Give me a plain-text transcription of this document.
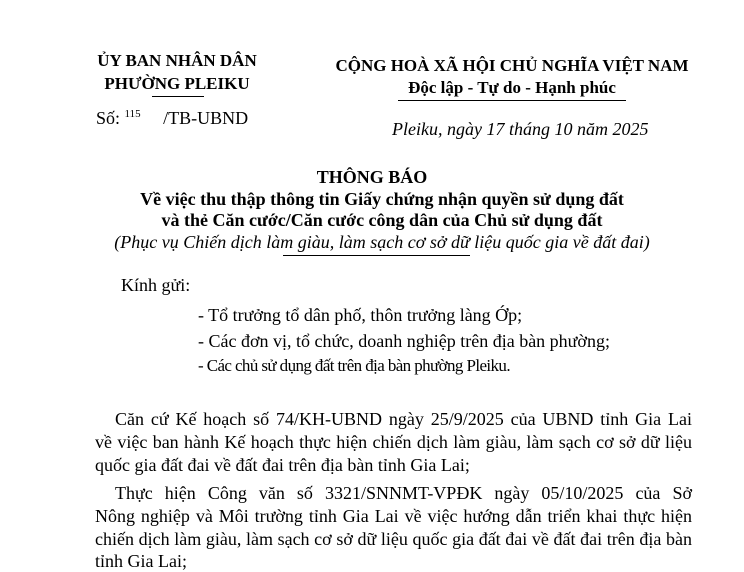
ỦY BAN NHÂN DÂN
PHƯỜNG PLEIKU
Số: $^{115}$ /TB-UBND
CỘNG HOÀ XÃ HỘI CHỦ NGHĨA VIỆT NAM
Độc lập - Tự do - Hạnh phúc
Pleiku, ngày 17 tháng 10 năm 2025
THÔNG BÁO
Về việc thu thập thông tin Giấy chứng nhận quyền sử dụng đất
và thẻ Căn cước/Căn cước công dân của Chủ sử dụng đất
(Phục vụ Chiến dịch làm giàu, làm sạch cơ sở dữ liệu quốc gia về đất đai)
Kính gửi:
- Tổ trưởng tổ dân phố, thôn trưởng làng Ớp;
- Các đơn vị, tổ chức, doanh nghiệp trên địa bàn phường;
- Các chủ sử dụng đất trên địa bàn phường Pleiku.
Căn cứ Kế hoạch số 74/KH-UBND ngày 25/9/2025 của UBND tỉnh Gia Lai
về việc ban hành Kế hoạch thực hiện chiến dịch làm giàu, làm sạch cơ sở dữ liệu
quốc gia đất đai về đất đai trên địa bàn tỉnh Gia Lai;
Thực hiện Công văn số 3321/SNNMT-VPĐK ngày 05/10/2025 của Sở
Nông nghiệp và Môi trường tỉnh Gia Lai về việc hướng dẫn triển khai thực hiện
chiến dịch làm giàu, làm sạch cơ sở dữ liệu quốc gia đất đai về đất đai trên địa bàn
tỉnh Gia Lai;
